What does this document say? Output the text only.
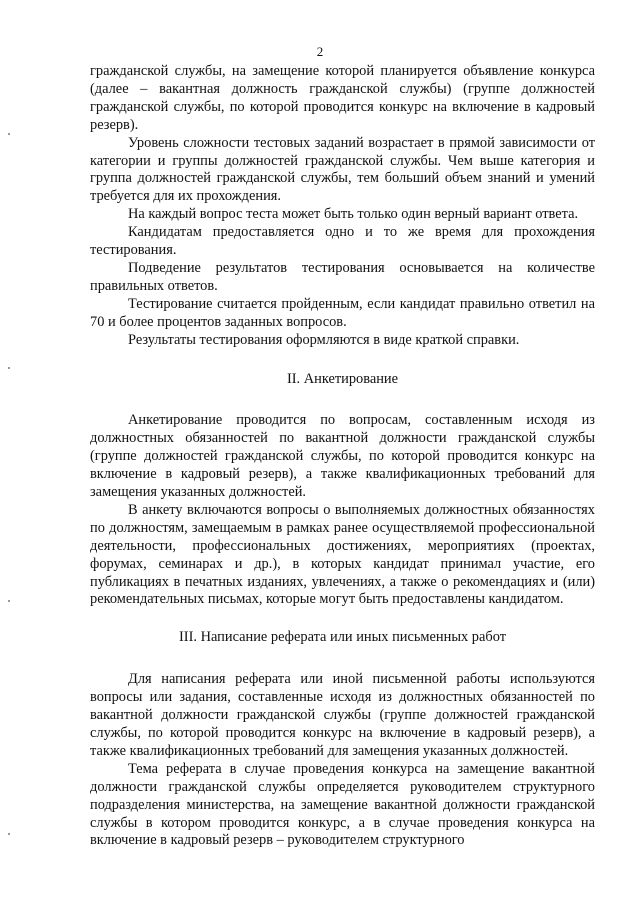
2

гражданской службы, на замещение которой планируется объявление конкурса (далее – вакантная должность гражданской службы) (группе должностей гражданской службы, по которой проводится конкурс на включение в кадровый резерв).

Уровень сложности тестовых заданий возрастает в прямой зависимости от категории и группы должностей гражданской службы. Чем выше категория и группа должностей гражданской службы, тем больший объем знаний и умений требуется для их прохождения.

На каждый вопрос теста может быть только один верный вариант ответа.

Кандидатам предоставляется одно и то же время для прохождения тестирования.

Подведение результатов тестирования основывается на количестве правильных ответов.

Тестирование считается пройденным, если кандидат правильно ответил на 70 и более процентов заданных вопросов.

Результаты тестирования оформляются в виде краткой справки.

II. Анкетирование

Анкетирование проводится по вопросам, составленным исходя из должностных обязанностей по вакантной должности гражданской службы (группе должностей гражданской службы, по которой проводится конкурс на включение в кадровый резерв), а также квалификационных требований для замещения указанных должностей.

В анкету включаются вопросы о выполняемых должностных обязанностях по должностям, замещаемым в рамках ранее осуществляемой профессиональной деятельности, профессиональных достижениях, мероприятиях (проектах, форумах, семинарах и др.), в которых кандидат принимал участие, его публикациях в печатных изданиях, увлечениях, а также о рекомендациях и (или) рекомендательных письмах, которые могут быть предоставлены кандидатом.

III. Написание реферата или иных письменных работ

Для написания реферата или иной письменной работы используются вопросы или задания, составленные исходя из должностных обязанностей по вакантной должности гражданской службы (группе должностей гражданской службы, по которой проводится конкурс на включение в кадровый резерв), а также квалификационных требований для замещения указанных должностей.

Тема реферата в случае проведения конкурса на замещение вакантной должности гражданской службы определяется руководителем структурного подразделения министерства, на замещение вакантной должности гражданской службы в котором проводится конкурс, а в случае проведения конкурса на включение в кадровый резерв – руководителем структурного
